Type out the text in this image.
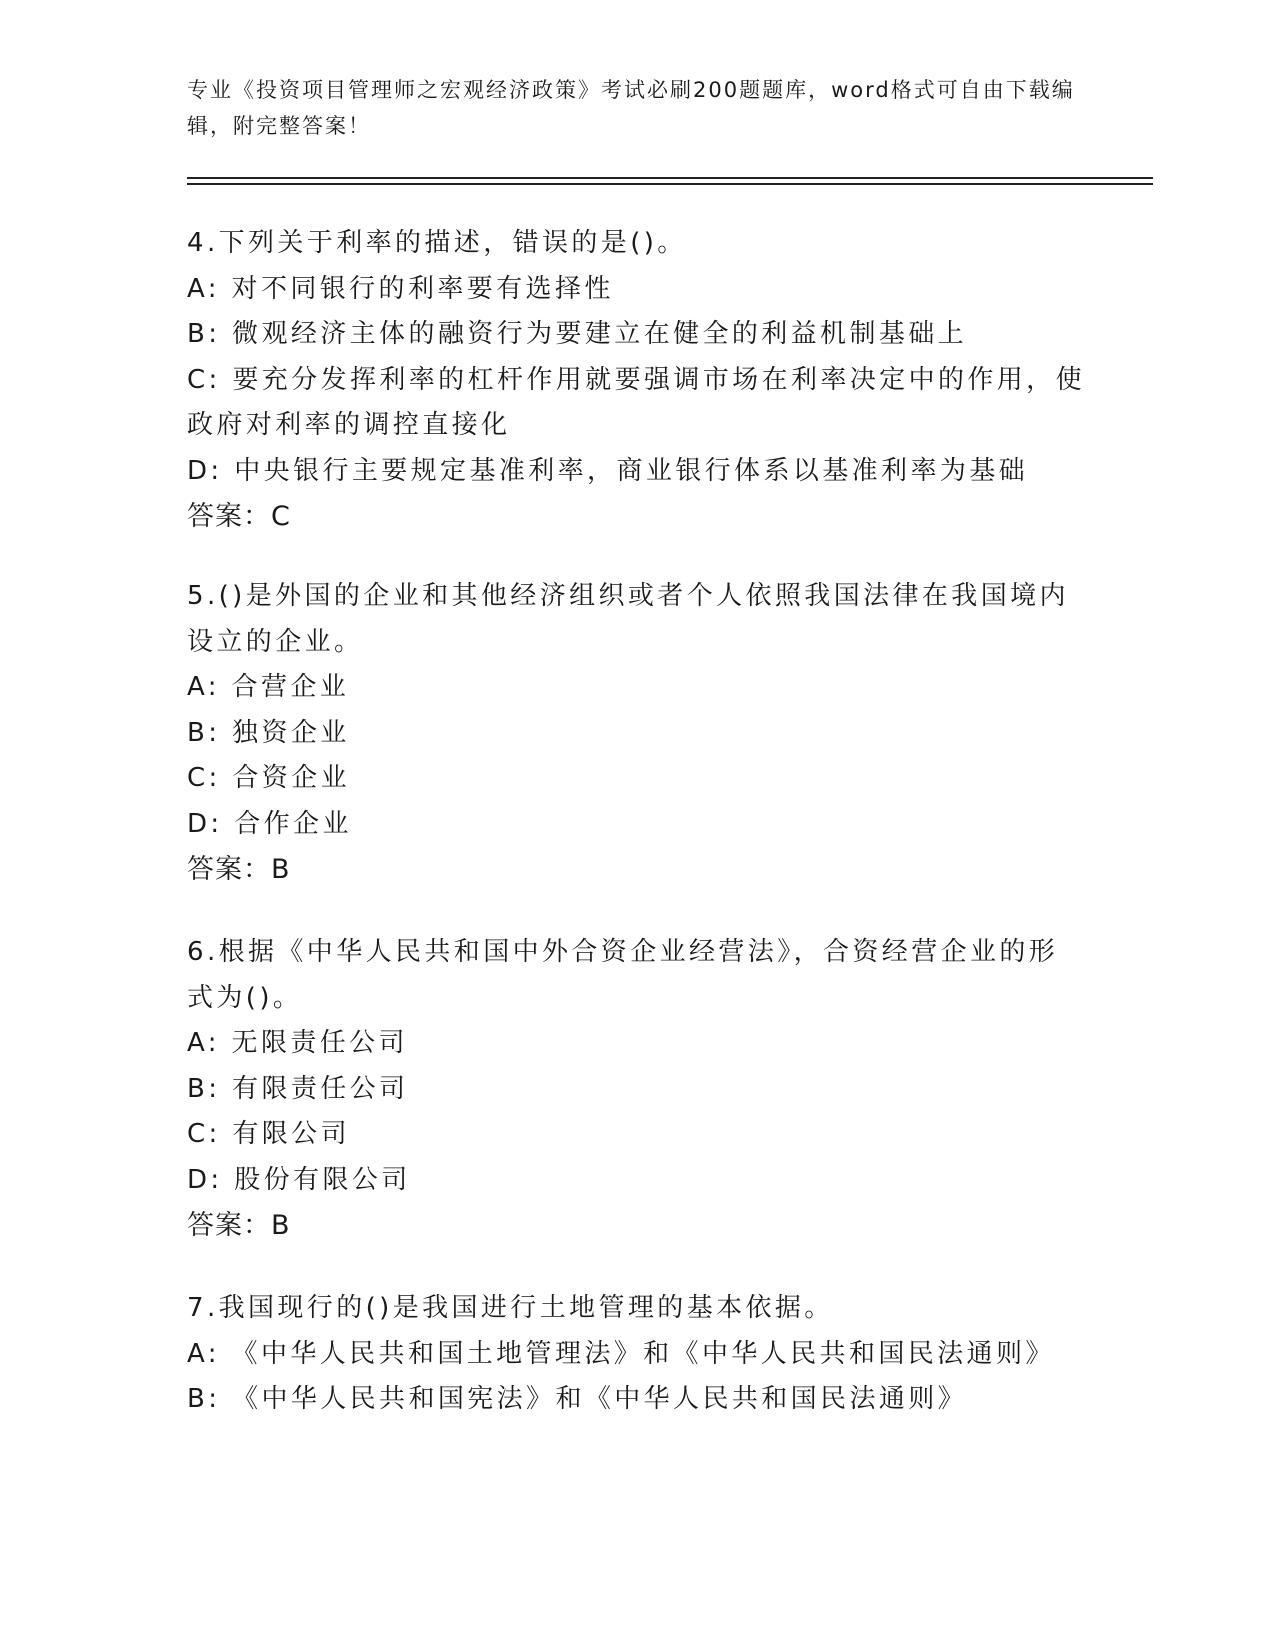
专业《投资项目管理师之宏观经济政策》考试必刷200题题库，word格式可自由下载编辑，附完整答案！

4.下列关于利率的描述，错误的是()。

A: 对不同银行的利率要有选择性

B: 微观经济主体的融资行为要建立在健全的利益机制基础上

C: 要充分发挥利率的杠杆作用就要强调市场在利率决定中的作用，使政府对利率的调控直接化

D: 中央银行主要规定基准利率，商业银行体系以基准利率为基础

答案：C

5.()是外国的企业和其他经济组织或者个人依照我国法律在我国境内设立的企业。

A: 合营企业

B: 独资企业

C: 合资企业

D: 合作企业

答案：B

6.根据《中华人民共和国中外合资企业经营法》，合资经营企业的形式为()。

A: 无限责任公司

B: 有限责任公司

C: 有限公司

D: 股份有限公司

答案：B

7.我国现行的()是我国进行土地管理的基本依据。

A: 《中华人民共和国土地管理法》和《中华人民共和国民法通则》

B: 《中华人民共和国宪法》和《中华人民共和国民法通则》
